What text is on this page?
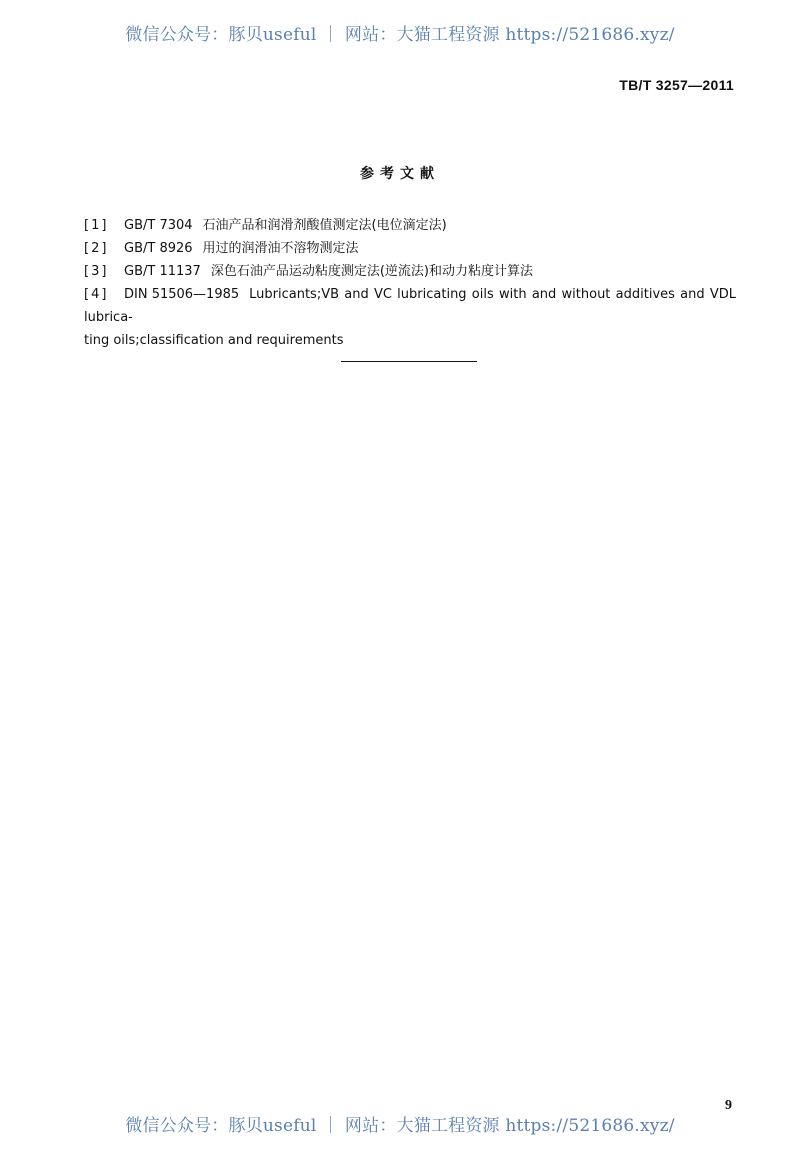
微信公众号：豚贝useful ｜ 网站：大猫工程资源 https://521686.xyz/
TB/T 3257—2011
参考文献
[1] GB/T 7304 石油产品和润滑剂酸值测定法(电位滴定法)
[2] GB/T 8926 用过的润滑油不溶物测定法
[3] GB/T 11137 深色石油产品运动粘度测定法(逆流法)和动力粘度计算法
[4] DIN 51506—1985 Lubricants;VB and VC lubricating oils with and without additives and VDL lubrica-
ting oils;classification and requirements
9
微信公众号：豚贝useful ｜ 网站：大猫工程资源 https://521686.xyz/
